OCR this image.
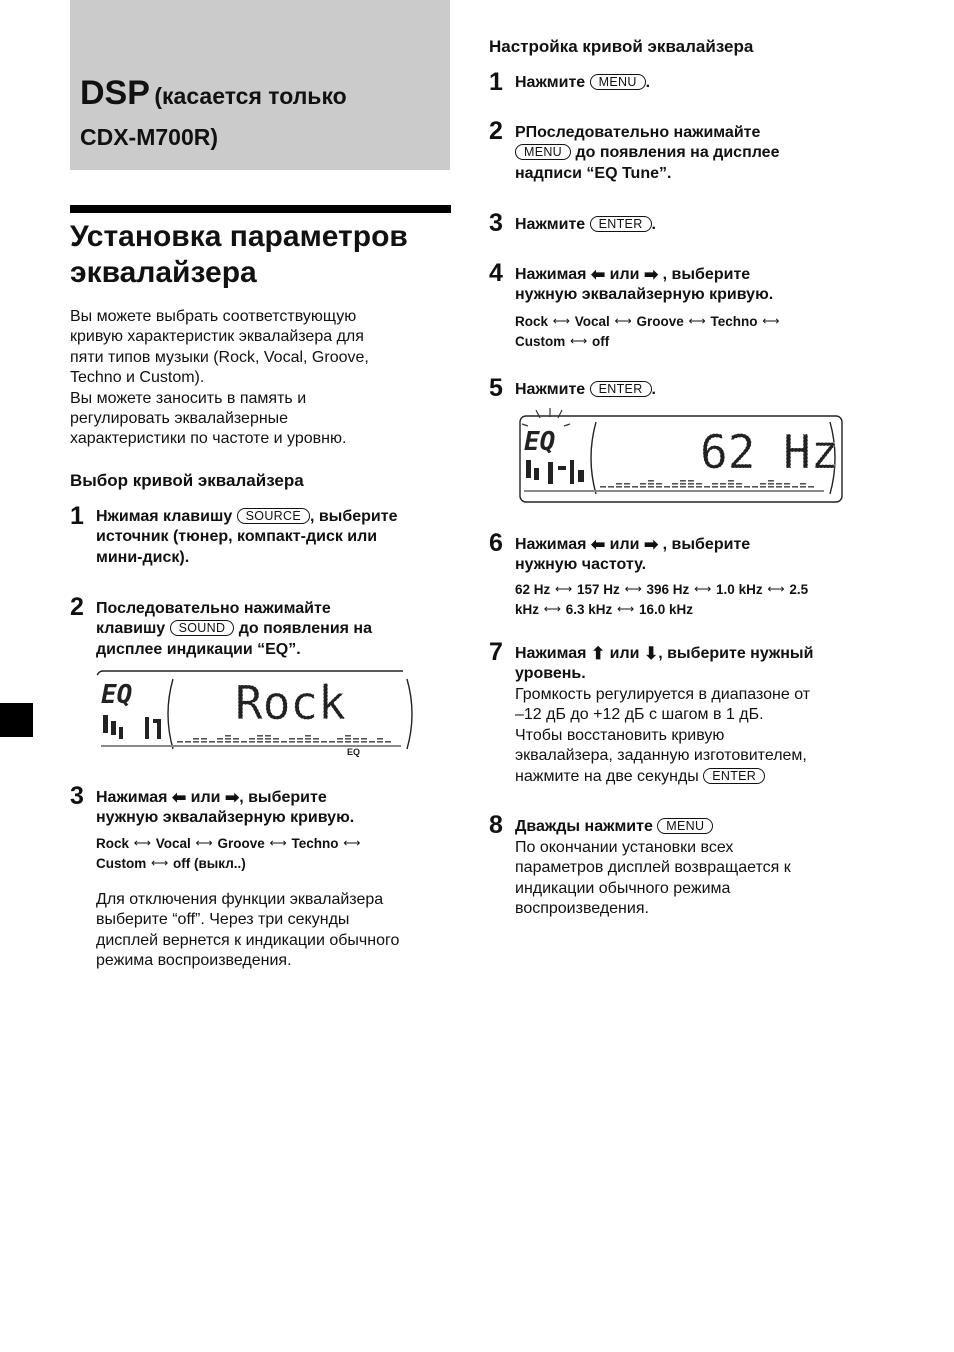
DSP (касается только
CDX-M700R)
Установка параметров
эквалайзера
Вы можете выбрать соответствующую
кривую характеристик эквалайзера для
пяти типов музыки (Rock, Vocal, Groove,
Techno и Custom).
Вы можете заносить в память и
регулировать эквалайзерные
характеристики по частоте и уровню.
Выбор кривой эквалайзера
1 Нжимая клавишу SOURCE , выберите
источник (тюнер, компакт-диск или
мини-диск).
2 Последовательно нажимайте
клавишу SOUND до появления на
дисплее индикации “EQ”.
EQ Rock
EQ
3 Нажимая ⬅ или ➡, выберите
нужную эквалайзерную кривую.
Rock ⟷ Vocal ⟷ Groove ⟷ Techno ⟷
Custom ⟷ off (выкл..)
Для отключения функции эквалайзера
выберите “off”. Через три секунды
дисплей вернется к индикации обычного
режима воспроизведения.
Настройка кривой эквалайзера
1 Нажмите MENU .
2 РПоследовательно нажимайте
MENU до появления на дисплее
надписи “EQ Tune”.
3 Нажмите ENTER .
4 Нажимая ⬅ или ➡ , выберите
нужную эквалайзерную кривую.
Rock ⟷ Vocal ⟷ Groove ⟷ Techno ⟷
Custom ⟷ off
5 Нажмите ENTER .
EQ	62 Hz
6 Нажимая ⬅ или ➡ , выберите
нужную частоту.
62 Hz ⟷ 157 Hz ⟷ 396 Hz ⟷ 1.0 kHz ⟷ 2.5
kHz ⟷ 6.3 kHz ⟷ 16.0 kHz
7 Нажимая ⬆ или ⬇, выберите нужный
уровень.
Громкость регулируется в диапазоне от
–12 дБ до +12 дБ с шагом в 1 дБ.
Чтобы восстановить кривую
эквалайзера, заданную изготовителем,
нажмите на две секунды ENTER
8 Дважды нажмите MENU
По окончании установки всех
параметров дисплей возвращается к
индикации обычного режима
воспроизведения.
